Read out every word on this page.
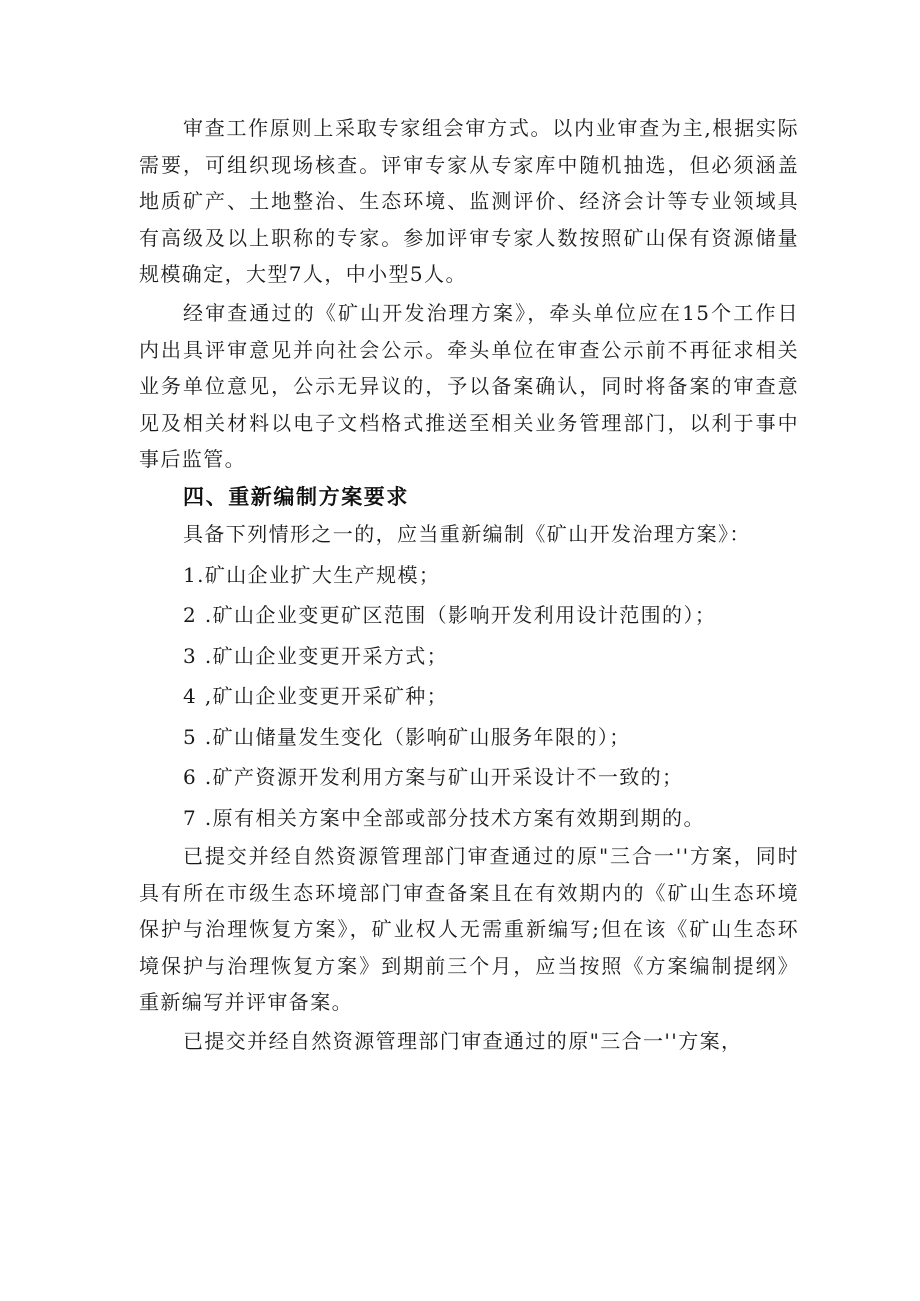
审查工作原则上采取专家组会审方式。以内业审查为主,根据实际需要，可组织现场核查。评审专家从专家库中随机抽选，但必须涵盖地质矿产、土地整治、生态环境、监测评价、经济会计等专业领域具有高级及以上职称的专家。参加评审专家人数按照矿山保有资源储量规模确定，大型7人，中小型5人。

经审查通过的《矿山开发治理方案》，牵头单位应在15个工作日内出具评审意见并向社会公示。牵头单位在审查公示前不再征求相关业务单位意见，公示无异议的，予以备案确认，同时将备案的审查意见及相关材料以电子文档格式推送至相关业务管理部门，以利于事中事后监管。

四、重新编制方案要求

具备下列情形之一的，应当重新编制《矿山开发治理方案》：

1.矿山企业扩大生产规模；

2 .矿山企业变更矿区范围（影响开发利用设计范围的）；

3 .矿山企业变更开采方式；

4 ,矿山企业变更开采矿种；

5 .矿山储量发生变化（影响矿山服务年限的）；

6 .矿产资源开发利用方案与矿山开采设计不一致的；

7 .原有相关方案中全部或部分技术方案有效期到期的。

已提交并经自然资源管理部门审查通过的原"三合一''方案，同时具有所在市级生态环境部门审查备案且在有效期内的《矿山生态环境保护与治理恢复方案》，矿业权人无需重新编写;但在该《矿山生态环境保护与治理恢复方案》到期前三个月，应当按照《方案编制提纲》重新编写并评审备案。

已提交并经自然资源管理部门审查通过的原"三合一''方案，
